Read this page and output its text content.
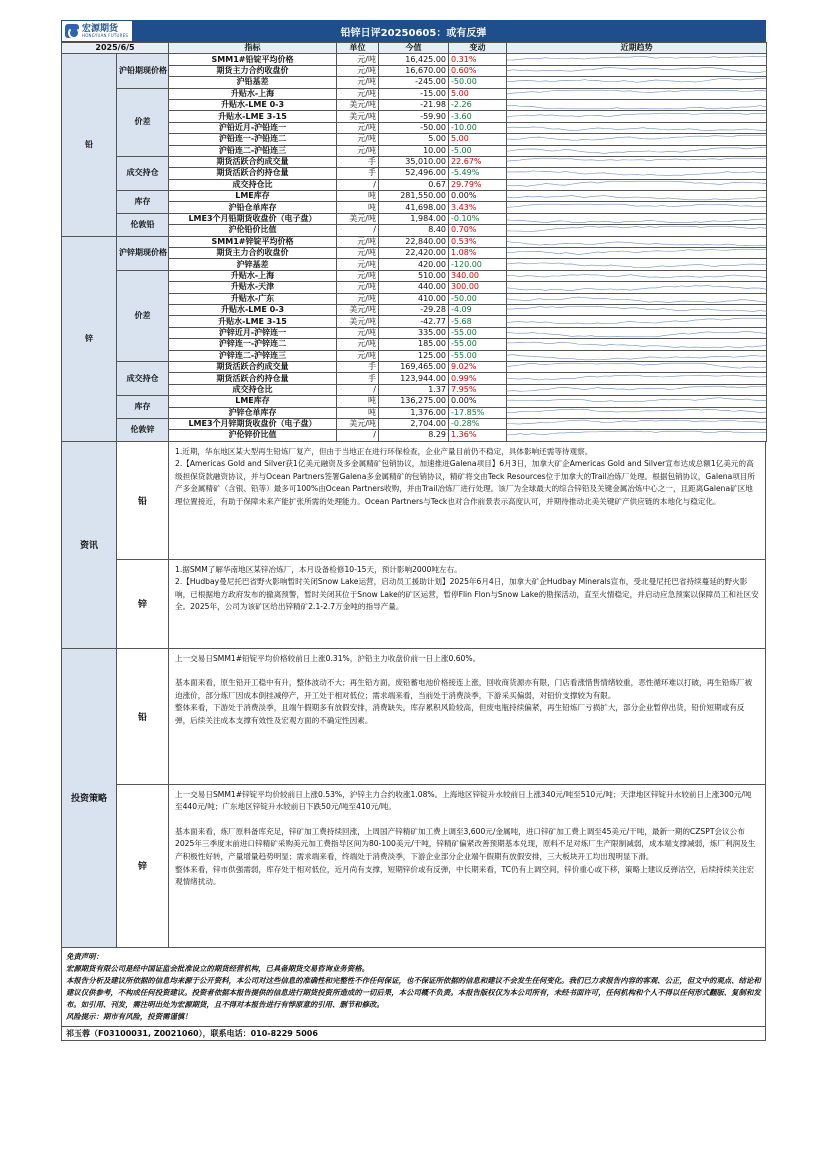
宏源期货
HONGYUAN FUTURES	铅锌日评20250605：或有反弹
2025/6/5		指标	单位	今值	变动	近期趋势
铅	沪铅期现价格	SMM1#铅锭平均价格	元/吨	16,425.00	0.31%	

		期货主力合约收盘价	元/吨	16,670.00	0.60%	

		沪铅基差	元/吨	-245.00	-50.00	

	价差	升贴水-上海	元/吨	-15.00	5.00	

		升贴水-LME 0-3	美元/吨	-21.98	-2.26	

		升贴水-LME 3-15	美元/吨	-59.90	-3.60	

		沪铅近月-沪铅连一	元/吨	-50.00	-10.00	

		沪铅连一-沪铅连二	元/吨	5.00	5.00	

		沪铅连二-沪铅连三	元/吨	10.00	-5.00	

	成交持仓	期货活跃合约成交量	手	35,010.00	22.67%	

		期货活跃合约持仓量	手	52,496.00	-5.49%	

		成交持仓比	/	0.67	29.79%	

	库存	LME库存	吨	281,550.00	0.00%	

		沪铅仓单库存	吨	41,698.00	3.43%	

	伦敦铅	LME3个月铅期货收盘价（电子盘）	美元/吨	1,984.00	-0.10%	

		沪伦铅价比值	/	8.40	0.70%	

锌	沪锌期现价格	SMM1#锌锭平均价格	元/吨	22,840.00	0.53%	

		期货主力合约收盘价	元/吨	22,420.00	1.08%	

		沪锌基差	元/吨	420.00	-120.00	

	价差	升贴水-上海	元/吨	510.00	340.00	

		升贴水-天津	元/吨	440.00	300.00	

		升贴水-广东	元/吨	410.00	-50.00	

		升贴水-LME 0-3	美元/吨	-29.28	-4.09	

		升贴水-LME 3-15	美元/吨	-42.77	-5.68	

		沪锌近月-沪锌连一	元/吨	335.00	-55.00	

		沪锌连一-沪锌连二	元/吨	185.00	-55.00	

		沪锌连二-沪锌连三	元/吨	125.00	-55.00	

	成交持仓	期货活跃合约成交量	手	169,465.00	9.02%	

		期货活跃合约持仓量	手	123,944.00	0.99%	

		成交持仓比	/	1.37	7.95%	

	库存	LME库存	吨	136,275.00	0.00%	

		沪锌仓单库存	吨	1,376.00	-17.85%	

	伦敦锌	LME3个月锌期货收盘价（电子盘）	美元/吨	2,704.00	-0.28%	

		沪伦锌价比值	/	8.29	1.36%	
资讯
铅
1.近期，华东地区某大型再生铅炼厂复产，但由于当地正在进行环保检查，企业产量目前仍不稳定，具体影响还需等待观察。
2.【Americas Gold and Silver获1亿美元融资及多金属精矿包销协议，加速推进Galena项目】6月3日，加拿大矿企Americas Gold and Silver宣布达成总额1亿美元的高级担保贷款融资协议，并与Ocean Partners签署Galena多金属精矿的包销协议，精矿将交由Teck Resources位于加拿大的Trail冶炼厂处理。根据包销协议，Galena项目所产多金属精矿（含银、铅等）最多可100%由Ocean Partners收购，并由Trail冶炼厂进行处理。该厂为全球最大的综合锌铅及关键金属冶炼中心之一，且距离Galena矿区地理位置接近，有助于保障未来产能扩张所需的处理能力。Ocean Partners与Teck也对合作前景表示高度认可，并期待推动北美关键矿产供应链的本地化与稳定化。
锌
1.据SMM了解华南地区某锌冶炼厂，本月设备检修10-15天，预计影响2000吨左右。
2.【Hudbay曼尼托巴省野火影响暂时关闭Snow Lake运营，启动员工援助计划】2025年6月4日，加拿大矿企Hudbay Minerals宣布，受北曼尼托巴省持续蔓延的野火影响，已根据地方政府发布的撤离预警，暂时关闭其位于Snow Lake的矿区运营，暂停Flin Flon与Snow Lake的勘探活动，直至火情稳定，并启动应急预案以保障员工和社区安全。2025年，公司为该矿区给出锌精矿2.1-2.7万金吨的指导产量。
投资策略
铅

上一交易日SMM1#铅锭平均价格较前日上涨0.31%，沪铅主力收盘价前一日上涨0.60%。

基本面来看，原生铅开工稳中有升，整体波动不大；再生铅方面，废铅蓄电池价格接连上涨，回收商货源亦有限，门店看涨惜售情绪较重，恶性循环难以打破，再生铅炼厂被迫涨价，部分炼厂因成本倒挂减停产，开工处于相对低位；需求端来看，当前处于消费淡季，下游采买偏弱，对铅价支撑较为有限。
整体来看，下游处于消费淡季，且端午假期多有放假安排，消费缺失，库存累积风险较高，但废电瓶持续偏紧，再生铅炼厂亏损扩大，部分企业暂停出货，铅价短期或有反弹，后续关注成本支撑有效性及宏观方面的不确定性因素。

锌

上一交易日SMM1#锌锭平均价较前日上涨0.53%，沪锌主力合约收涨1.08%。上海地区锌锭升水较前日上涨340元/吨至510元/吨；天津地区锌锭升水较前日上涨300元/吨至440元/吨；广东地区锌锭升水较前日下跌50元/吨至410元/吨。

基本面来看，炼厂原料备库充足，锌矿加工费持续回涨，上周国产锌精矿加工费上调至3,600元/金属吨，进口锌矿加工费上调至45美元/干吨，最新一期的CZSPT会议公布2025年三季度末前进口锌精矿采购美元加工费指导区间为80-100美元/干吨，锌精矿偏紧改善预期基本兑现，原料不足对炼厂生产限制减弱，成本端支撑减弱，炼厂利润及生产积极性好转，产量增量趋势明显；需求端来看，终端处于消费淡季，下游企业部分企业端午假期有放假安排，三大板块开工均出现明显下滑。
整体来看，锌市供强需弱，库存处于相对低位，近月尚有支撑，短期锌价或有反弹，中长期来看，TC仍有上调空间，锌价重心或下移，策略上建议反弹沽空，后续持续关注宏观情绪扰动。

免责声明：
宏源期货有限公司是经中国证监会批准设立的期货经营机构，已具备期货交易咨询业务资格。
本报告分析及建议所依据的信息均来源于公开资料，本公司对这些信息的准确性和完整性不作任何保证，也不保证所依据的信息和建议不会发生任何变化。我们已力求报告内容的客观、公正，但文中的观点、结论和建议仅供参考，不构成任何投资建议。投资者依据本报告提供的信息进行期货投资所造成的一切后果，本公司概不负责。本报告版权仅为本公司所有，未经书面许可，任何机构和个人不得以任何形式翻版、复制和发布。如引用、刊发，需注明出处为宏源期货，且不得对本报告进行有悖原意的引用、删节和修改。
风险提示：期市有风险，投资需谨慎！
祁玉蓉（F03100031, Z0021060），联系电话：010-8229 5006
